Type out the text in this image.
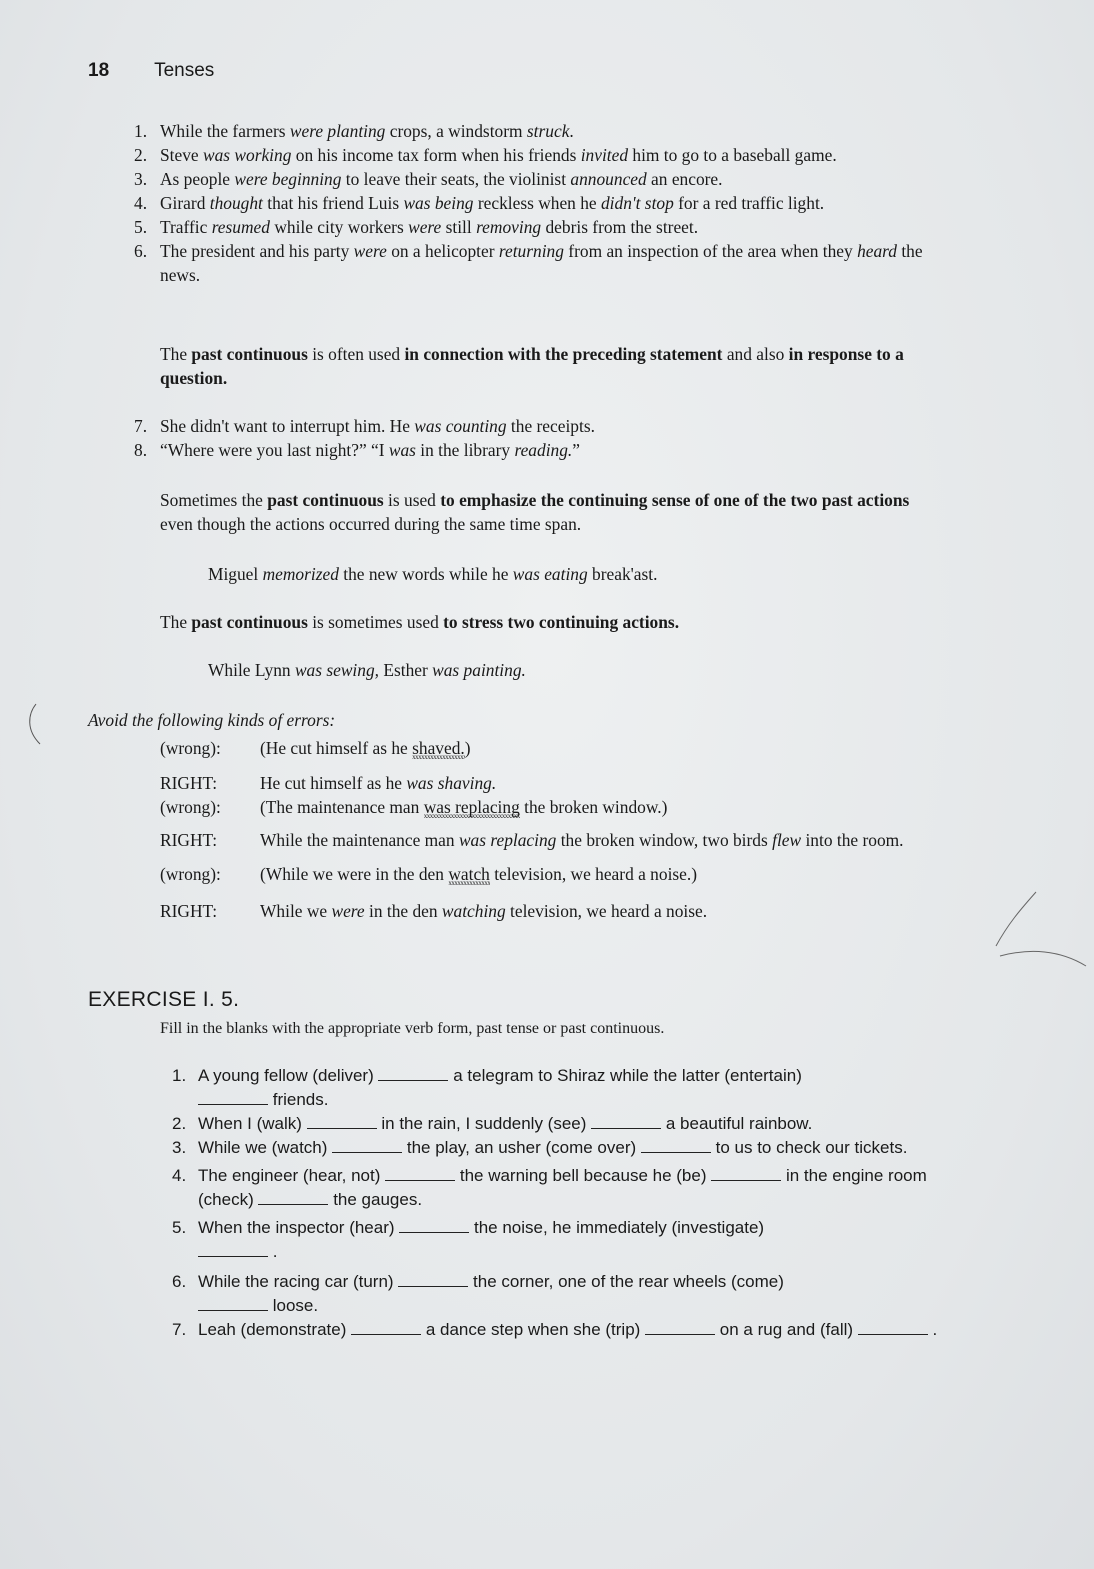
18 Tenses
1. While the farmers were planting crops, a windstorm struck.
2. Steve was working on his income tax form when his friends invited him to go to a baseball game.
3. As people were beginning to leave their seats, the violinist announced an encore.
4. Girard thought that his friend Luis was being reckless when he didn't stop for a red traffic light.
5. Traffic resumed while city workers were still removing debris from the street.
6. The president and his party were on a helicopter returning from an inspection of the area when they heard the news.
The past continuous is often used in connection with the preceding statement and also in response to a question.
7. She didn't want to interrupt him. He was counting the receipts.
8. “Where were you last night?” “I was in the library reading.”
Sometimes the past continuous is used to emphasize the continuing sense of one of the two past actions even though the actions occurred during the same time span.
Miguel memorized the new words while he was eating break'ast.
The past continuous is sometimes used to stress two continuing actions.
While Lynn was sewing, Esther was painting.
Avoid the following kinds of errors:
(wrong): (He cut himself as he shaved. xxxxxxxxxxxxxxxxxxxxxxxxxxxxxxxxxxxxxxxxxxxxxxxx)
RIGHT: He cut himself as he was shaving.
(wrong): (The maintenance man was replacing xxxxxxxxxxxxxxxxxxxxxxxxxxxxxxxxxxxxxxxxxxxxxxxx the broken window.)
RIGHT: While the maintenance man was replacing the broken window, two birds flew into the room.
(wrong): (While we were in the den watch xxxxxxxxxxxxxxxxxxxxxxxxxxxxxxxxxxxxxxxxxxxxxxxx television, we heard a noise.)
RIGHT: While we were in the den watching television, we heard a noise.
EXERCISE I. 5.
Fill in the blanks with the appropriate verb form, past tense or past continuous.
1. A young fellow (deliver)	a telegram to Shiraz while the latter (entertain)
friends.
2. When I (walk)	in the rain, I suddenly (see)	a beautiful rainbow.
3. While we (watch)	the play, an usher (come over)	to us to check our tickets.
4. The engineer (hear, not)	the warning bell because he (be)	in the engine room (check)	the gauges.
5. When the inspector (hear)	the noise, he immediately (investigate)
.
6. While the racing car (turn)	the corner, one of the rear wheels (come)
loose.
7. Leah (demonstrate)	a dance step when she (trip)	on a rug and (fall)	.
